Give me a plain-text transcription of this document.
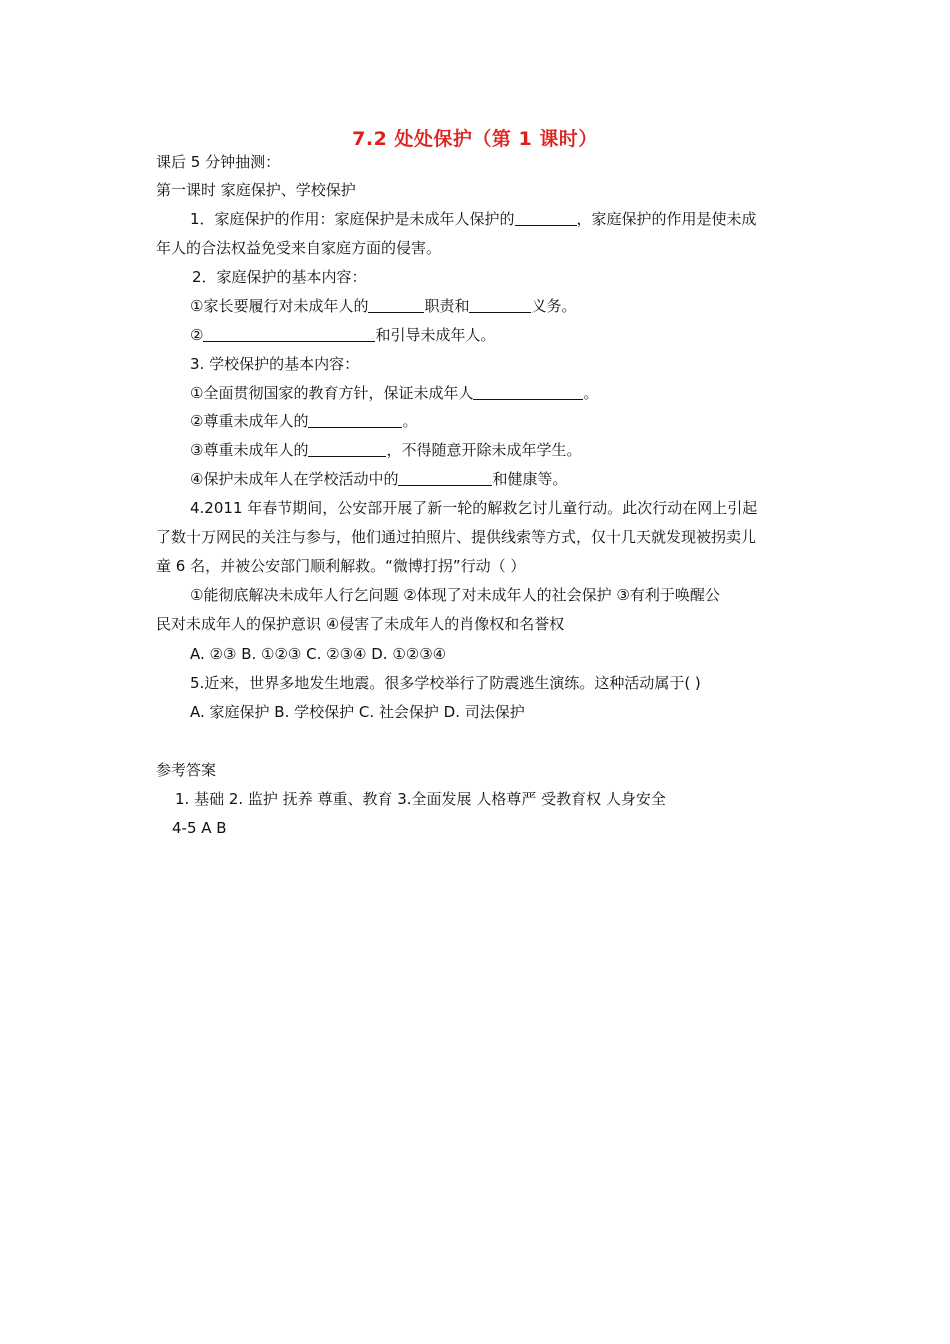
7.2 处处保护（第 1 课时）
课后 5 分钟抽测：
第一课时 家庭保护、学校保护
1．家庭保护的作用：家庭保护是未成年人保护的	，家庭保护的作用是使未成
年人的合法权益免受来自家庭方面的侵害。
2．家庭保护的基本内容：
①家长要履行对未成年人的	职责和	义务。
②	和引导未成年人。
3. 学校保护的基本内容：
①全面贯彻国家的教育方针，保证未成年人	。
②尊重未成年人的	。
③尊重未成年人的	，不得随意开除未成年学生。
④保护未成年人在学校活动中的	和健康等。
4.2011 年春节期间，公安部开展了新一轮的解救乞讨儿童行动。此次行动在网上引起
了数十万网民的关注与参与，他们通过拍照片、提供线索等方式，仅十几天就发现被拐卖儿
童 6 名，并被公安部门顺利解救。“微博打拐”行动（ ）
①能彻底解决未成年人行乞问题 ②体现了对未成年人的社会保护 ③有利于唤醒公
民对未成年人的保护意识 ④侵害了未成年人的肖像权和名誉权
A. ②③ B. ①②③ C. ②③④ D. ①②③④
5.近来，世界多地发生地震。很多学校举行了防震逃生演练。这种活动属于( )
A. 家庭保护 B. 学校保护 C. 社会保护 D. 司法保护
参考答案
1. 基础 2. 监护 抚养 尊重、教育 3.全面发展 人格尊严 受教育权 人身安全
4-5 A B
